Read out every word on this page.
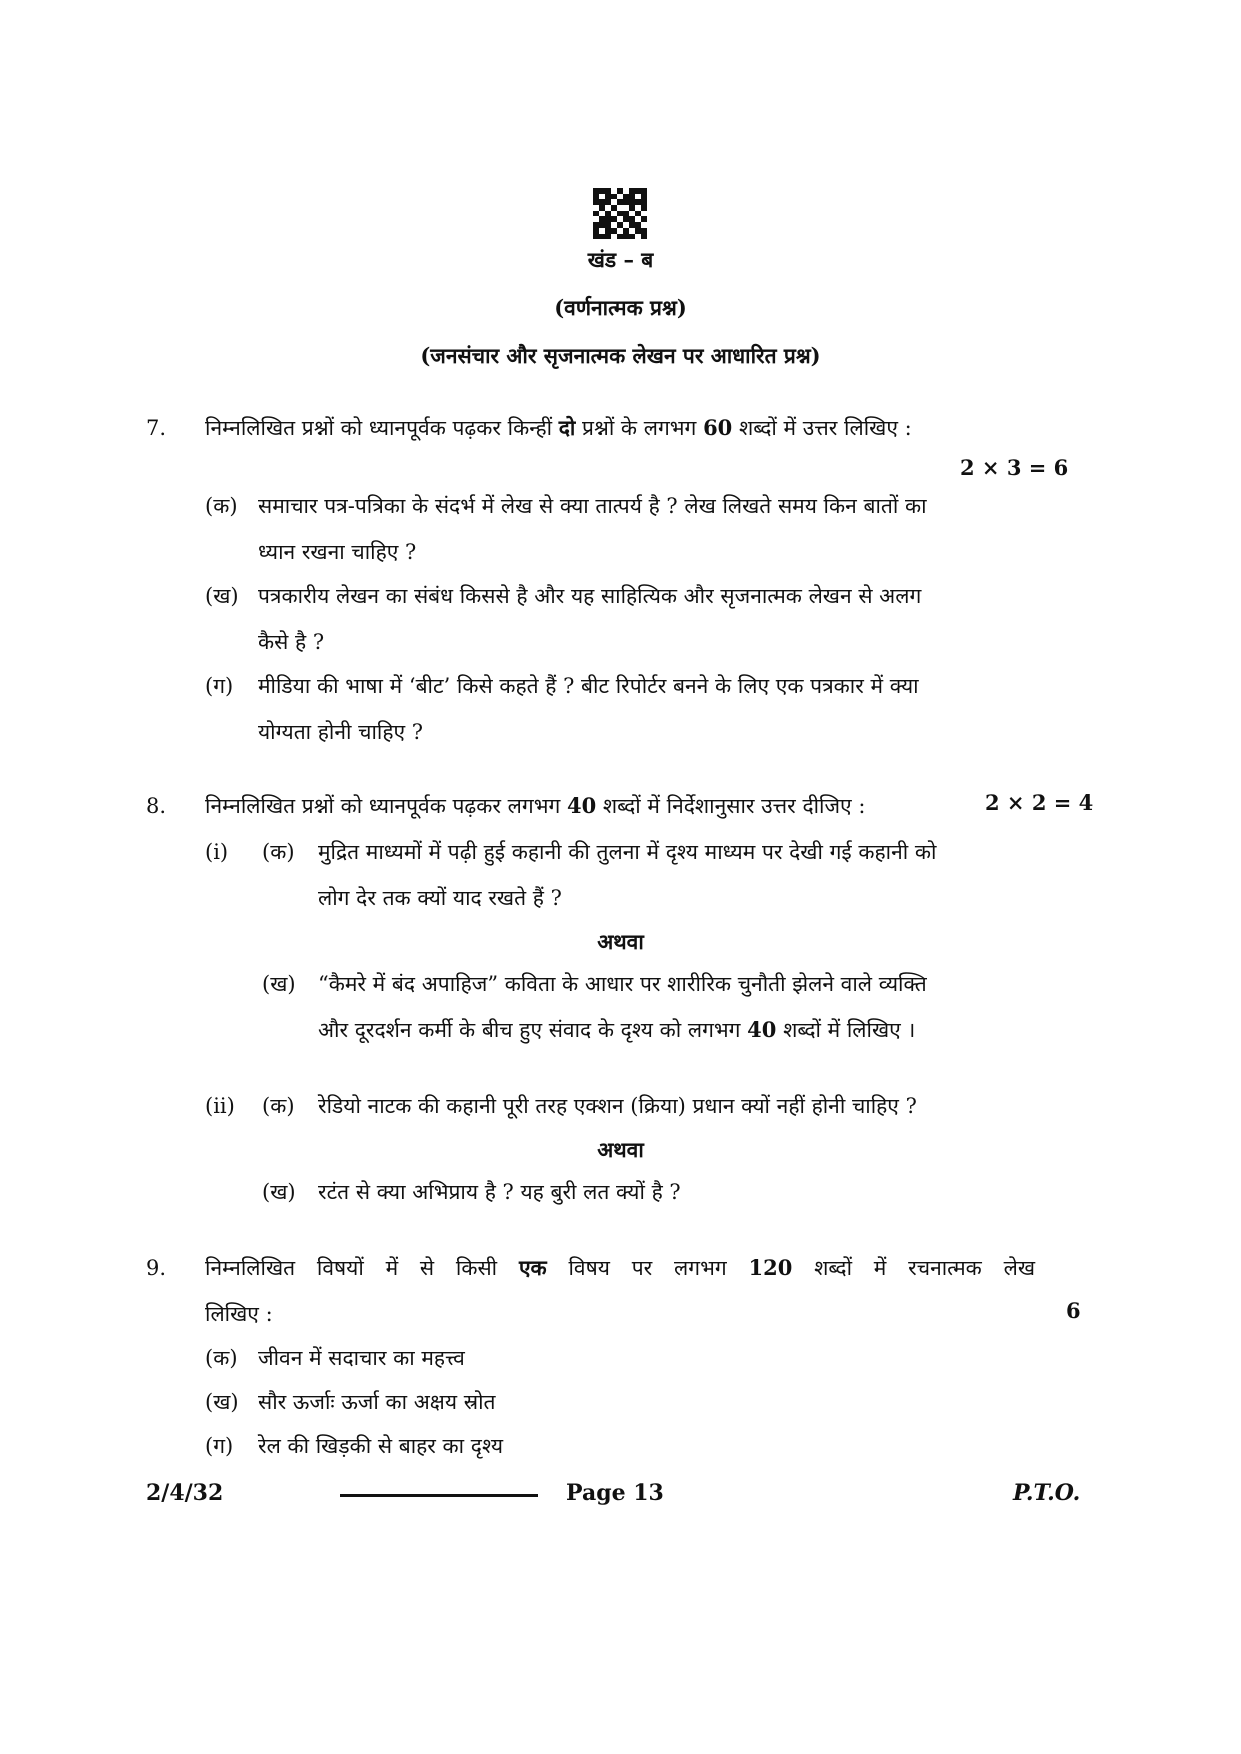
खंड – ब
(वर्णनात्मक प्रश्न)
(जनसंचार और सृजनात्मक लेखन पर आधारित प्रश्न)
7. निम्नलिखित प्रश्नों को ध्यानपूर्वक पढ़कर किन्हीं दो प्रश्नों के लगभग 60 शब्दों में उत्तर लिखिए :
2 × 3 = 6
(क) समाचार पत्र-पत्रिका के संदर्भ में लेख से क्या तात्पर्य है ? लेख लिखते समय किन बातों का
ध्यान रखना चाहिए ?
(ख) पत्रकारीय लेखन का संबंध किससे है और यह साहित्यिक और सृजनात्मक लेखन से अलग
कैसे है ?
(ग) मीडिया की भाषा में ‘बीट’ किसे कहते हैं ? बीट रिपोर्टर बनने के लिए एक पत्रकार में क्या
योग्यता होनी चाहिए ?
8. निम्नलिखित प्रश्नों को ध्यानपूर्वक पढ़कर लगभग 40 शब्दों में निर्देशानुसार उत्तर दीजिए :	2 × 2 = 4
(i) (क) मुद्रित माध्यमों में पढ़ी हुई कहानी की तुलना में दृश्य माध्यम पर देखी गई कहानी को
लोग देर तक क्यों याद रखते हैं ?
अथवा
(ख) “कैमरे में बंद अपाहिज” कविता के आधार पर शारीरिक चुनौती झेलने वाले व्यक्ति
और दूरदर्शन कर्मी के बीच हुए संवाद के दृश्य को लगभग 40 शब्दों में लिखिए ।
(ii) (क) रेडियो नाटक की कहानी पूरी तरह एक्शन (क्रिया) प्रधान क्यों नहीं होनी चाहिए ?
अथवा
(ख) रटंत से क्या अभिप्राय है ? यह बुरी लत क्यों है ?
9. निम्नलिखित विषयों में से किसी एक विषय पर लगभग 120 शब्दों में रचनात्मक लेख
लिखिए :	6
(क) जीवन में सदाचार का महत्त्व
(ख) सौर ऊर्जाः ऊर्जा का अक्षय स्रोत
(ग) रेल की खिड़की से बाहर का दृश्य
2/4/32	Page 13	P.T.O.
